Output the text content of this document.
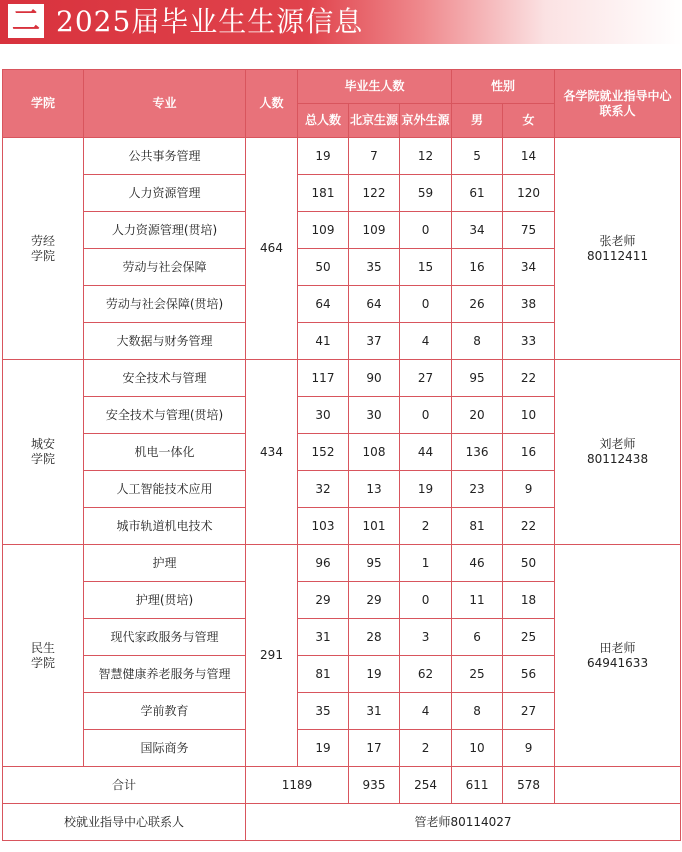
二 2025届毕业生生源信息
学院	专业	人数	毕业生人数			性别		各学院就业指导中心
联系人

			总人数	北京生源	京外生源	男	女	

劳经
学院	公共事务管理	464	19	7	12	5	14	张老师
80112411

	人力资源管理		181	122	59	61	120	
	人力资源管理(贯培)		109	109	0	34	75	
	劳动与社会保障		50	35	15	16	34	
	劳动与社会保障(贯培)		64	64	0	26	38	
	大数据与财务管理		41	37	4	8	33	

城安
学院	安全技术与管理	434	117	90	27	95	22	刘老师
80112438

	安全技术与管理(贯培)		30	30	0	20	10	
	机电一体化		152	108	44	136	16	
	人工智能技术应用		32	13	19	23	9	
	城市轨道机电技术		103	101	2	81	22	

民生
学院	护理	291	96	95	1	46	50	田老师
64941633

	护理(贯培)		29	29	0	11	18	
	现代家政服务与管理		31	28	3	6	25	
	智慧健康养老服务与管理		81	19	62	25	56	
	学前教育		35	31	4	8	27	
	国际商务		19	17	2	10	9	
合计		1189		935	254	611	578	
校就业指导中心联系人		管老师80114027						
